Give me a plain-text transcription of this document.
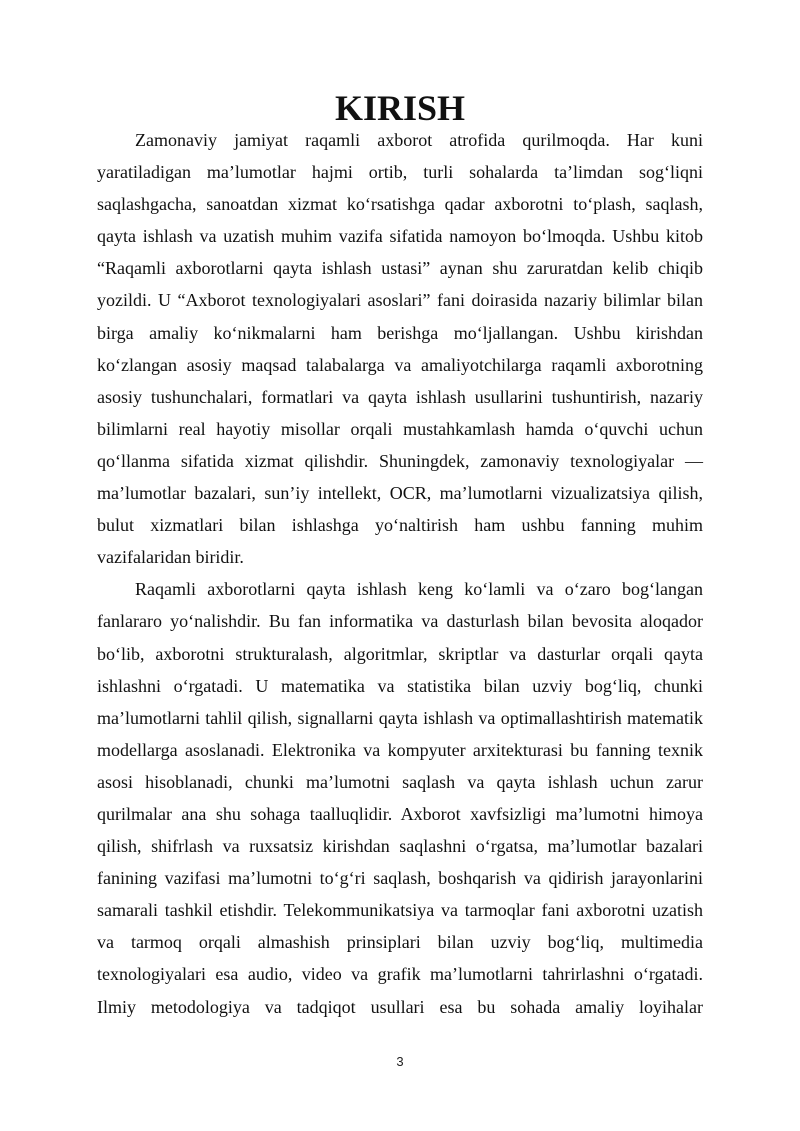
KIRISH

Zamonaviy jamiyat raqamli axborot atrofida qurilmoqda. Har kuni yaratiladigan ma’lumotlar hajmi ortib, turli sohalarda ta’limdan sog‘liqni saqlashgacha, sanoatdan xizmat ko‘rsatishga qadar axborotni to‘plash, saqlash, qayta ishlash va uzatish muhim vazifa sifatida namoyon bo‘lmoqda. Ushbu kitob “Raqamli axborotlarni qayta ishlash ustasi” aynan shu zaruratdan kelib chiqib yozildi. U “Axborot texnologiyalari asoslari” fani doirasida nazariy bilimlar bilan birga amaliy ko‘nikmalarni ham berishga mo‘ljallangan. Ushbu kirishdan ko‘zlangan asosiy maqsad talabalarga va amaliyotchilarga raqamli axborotning asosiy tushunchalari, formatlari va qayta ishlash usullarini tushuntirish, nazariy bilimlarni real hayotiy misollar orqali mustahkamlash hamda o‘quvchi uchun qo‘llanma sifatida xizmat qilishdir. Shuningdek, zamonaviy texnologiyalar — ma’lumotlar bazalari, sun’iy intellekt, OCR, ma’lumotlarni vizualizatsiya qilish, bulut xizmatlari bilan ishlashga yo‘naltirish ham ushbu fanning muhim vazifalaridan biridir.

Raqamli axborotlarni qayta ishlash keng ko‘lamli va o‘zaro bog‘langan fanlararo yo‘nalishdir. Bu fan informatika va dasturlash bilan bevosita aloqador bo‘lib, axborotni strukturalash, algoritmlar, skriptlar va dasturlar orqali qayta ishlashni o‘rgatadi. U matematika va statistika bilan uzviy bog‘liq, chunki ma’lumotlarni tahlil qilish, signallarni qayta ishlash va optimallashtirish matematik modellarga asoslanadi. Elektronika va kompyuter arxitekturasi bu fanning texnik asosi hisoblanadi, chunki ma’lumotni saqlash va qayta ishlash uchun zarur qurilmalar ana shu sohaga taalluqlidir. Axborot xavfsizligi ma’lumotni himoya qilish, shifrlash va ruxsatsiz kirishdan saqlashni o‘rgatsa, ma’lumotlar bazalari fanining vazifasi ma’lumotni to‘g‘ri saqlash, boshqarish va qidirish jarayonlarini samarali tashkil etishdir. Telekommunikatsiya va tarmoqlar fani axborotni uzatish va tarmoq orqali almashish prinsiplari bilan uzviy bog‘liq, multimedia texnologiyalari esa audio, video va grafik ma’lumotlarni tahrirlashni o‘rgatadi. Ilmiy metodologiya va tadqiqot usullari esa bu sohada amaliy loyihalar

3
